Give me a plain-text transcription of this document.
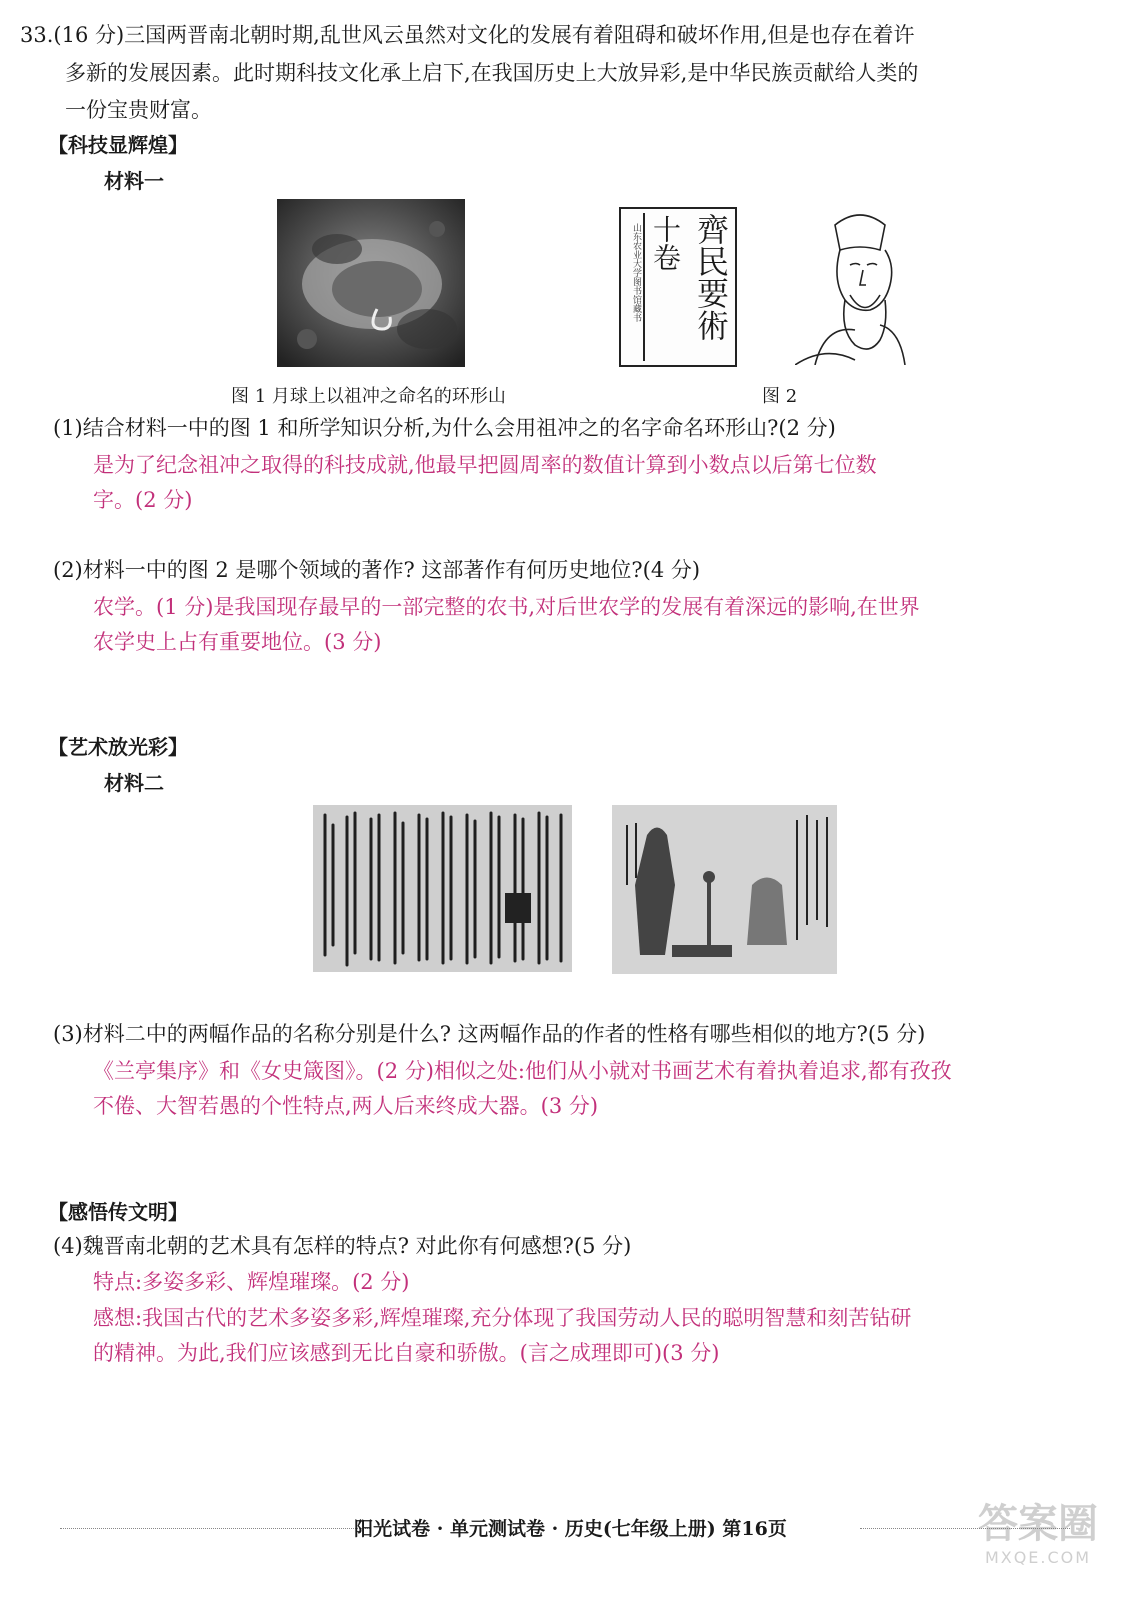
33.(16 分)三国两晋南北朝时期,乱世风云虽然对文化的发展有着阻碍和破坏作用,但是也存在着许
多新的发展因素。此时期科技文化承上启下,在我国历史上大放异彩,是中华民族贡献给人类的
一份宝贵财富。
【科技显辉煌】
材料一
图 1 月球上以祖冲之命名的环形山
山东农业大学图书馆藏书 十卷 齊民要術
图 2
(1)结合材料一中的图 1 和所学知识分析,为什么会用祖冲之的名字命名环形山?(2 分)
是为了纪念祖冲之取得的科技成就,他最早把圆周率的数值计算到小数点以后第七位数
字。(2 分)
(2)材料一中的图 2 是哪个领域的著作? 这部著作有何历史地位?(4 分)
农学。(1 分)是我国现存最早的一部完整的农书,对后世农学的发展有着深远的影响,在世界
农学史上占有重要地位。(3 分)
【艺术放光彩】
材料二
(3)材料二中的两幅作品的名称分别是什么? 这两幅作品的作者的性格有哪些相似的地方?(5 分)
《兰亭集序》和《女史箴图》。(2 分)相似之处:他们从小就对书画艺术有着执着追求,都有孜孜
不倦、大智若愚的个性特点,两人后来终成大器。(3 分)
【感悟传文明】
(4)魏晋南北朝的艺术具有怎样的特点? 对此你有何感想?(5 分)
特点:多姿多彩、辉煌璀璨。(2 分)
感想:我国古代的艺术多姿多彩,辉煌璀璨,充分体现了我国劳动人民的聪明智慧和刻苦钻研
的精神。为此,我们应该感到无比自豪和骄傲。(言之成理即可)(3 分)
阳光试卷 · 单元测试卷 · 历史(七年级上册) 第16页	答案圈
MXQE.COM
